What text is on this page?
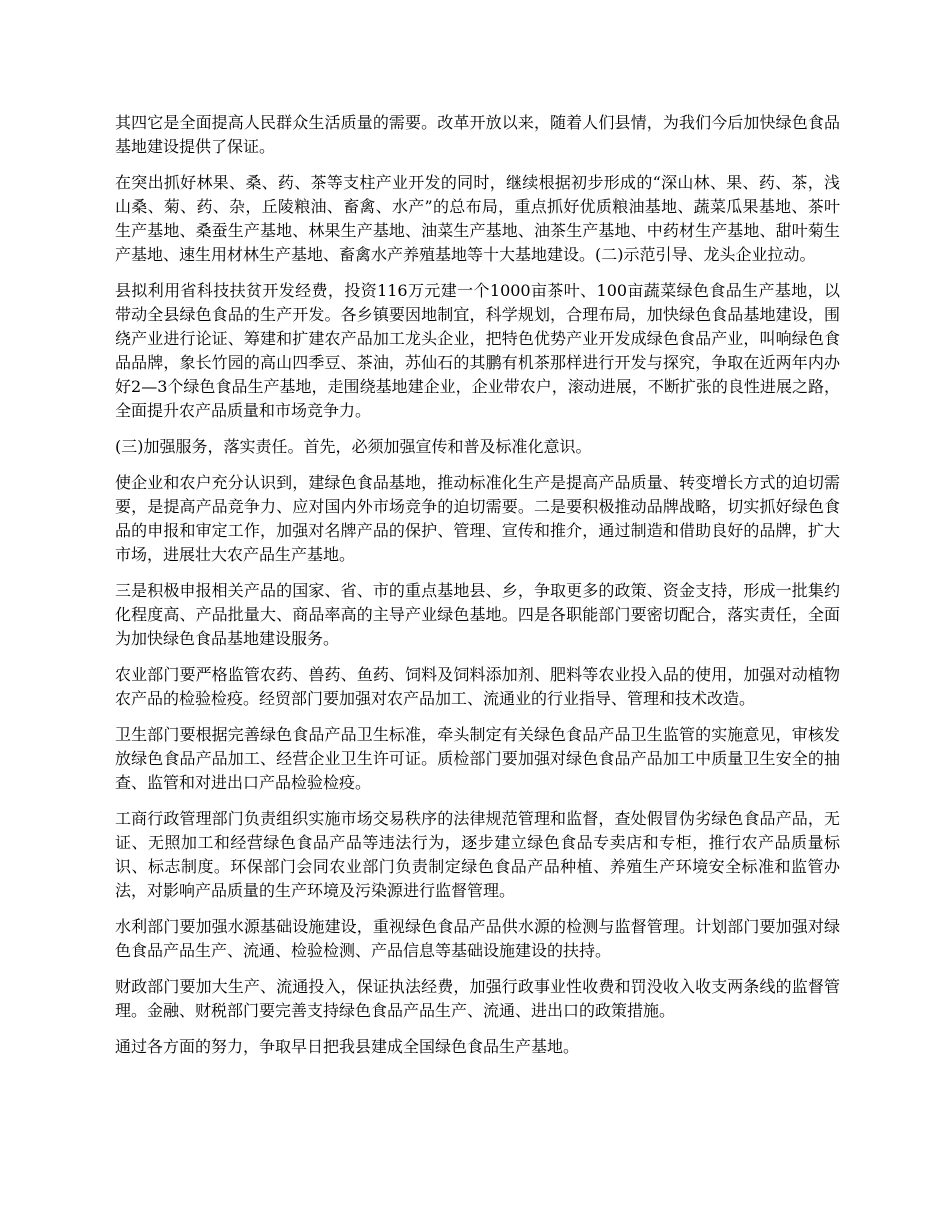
其四它是全面提高人民群众生活质量的需要。改革开放以来，随着人们县情，为我们今后加快绿色食品基地建设提供了保证。

在突出抓好林果、桑、药、茶等支柱产业开发的同时，继续根据初步形成的“深山林、果、药、茶，浅山桑、菊、药、杂，丘陵粮油、畜禽、水产”的总布局，重点抓好优质粮油基地、蔬菜瓜果基地、茶叶生产基地、桑蚕生产基地、林果生产基地、油菜生产基地、油茶生产基地、中药材生产基地、甜叶菊生产基地、速生用材林生产基地、畜禽水产养殖基地等十大基地建设。(二)示范引导、龙头企业拉动。

县拟利用省科技扶贫开发经费，投资116万元建一个1000亩茶叶、100亩蔬菜绿色食品生产基地，以带动全县绿色食品的生产开发。各乡镇要因地制宜，科学规划，合理布局，加快绿色食品基地建设，围绕产业进行论证、筹建和扩建农产品加工龙头企业，把特色优势产业开发成绿色食品产业，叫响绿色食品品牌，象长竹园的高山四季豆、茶油，苏仙石的其鹏有机茶那样进行开发与探究，争取在近两年内办好2—3个绿色食品生产基地，走围绕基地建企业，企业带农户，滚动进展，不断扩张的良性进展之路，全面提升农产品质量和市场竞争力。

(三)加强服务，落实责任。首先，必须加强宣传和普及标准化意识。

使企业和农户充分认识到，建绿色食品基地，推动标准化生产是提高产品质量、转变增长方式的迫切需要，是提高产品竞争力、应对国内外市场竞争的迫切需要。二是要积极推动品牌战略，切实抓好绿色食品的申报和审定工作，加强对名牌产品的保护、管理、宣传和推介，通过制造和借助良好的品牌，扩大市场，进展壮大农产品生产基地。

三是积极申报相关产品的国家、省、市的重点基地县、乡，争取更多的政策、资金支持，形成一批集约化程度高、产品批量大、商品率高的主导产业绿色基地。四是各职能部门要密切配合，落实责任，全面为加快绿色食品基地建设服务。

农业部门要严格监管农药、兽药、鱼药、饲料及饲料添加剂、肥料等农业投入品的使用，加强对动植物农产品的检验检疫。经贸部门要加强对农产品加工、流通业的行业指导、管理和技术改造。

卫生部门要根据完善绿色食品产品卫生标准，牵头制定有关绿色食品产品卫生监管的实施意见，审核发放绿色食品产品加工、经营企业卫生许可证。质检部门要加强对绿色食品产品加工中质量卫生安全的抽查、监管和对进出口产品检验检疫。

工商行政管理部门负责组织实施市场交易秩序的法律规范管理和监督，查处假冒伪劣绿色食品产品，无证、无照加工和经营绿色食品产品等违法行为，逐步建立绿色食品专卖店和专柜，推行农产品质量标识、标志制度。环保部门会同农业部门负责制定绿色食品产品种植、养殖生产环境安全标准和监管办法，对影响产品质量的生产环境及污染源进行监督管理。

水利部门要加强水源基础设施建设，重视绿色食品产品供水源的检测与监督管理。计划部门要加强对绿色食品产品生产、流通、检验检测、产品信息等基础设施建设的扶持。

财政部门要加大生产、流通投入，保证执法经费，加强行政事业性收费和罚没收入收支两条线的监督管理。金融、财税部门要完善支持绿色食品产品生产、流通、进出口的政策措施。

通过各方面的努力，争取早日把我县建成全国绿色食品生产基地。
